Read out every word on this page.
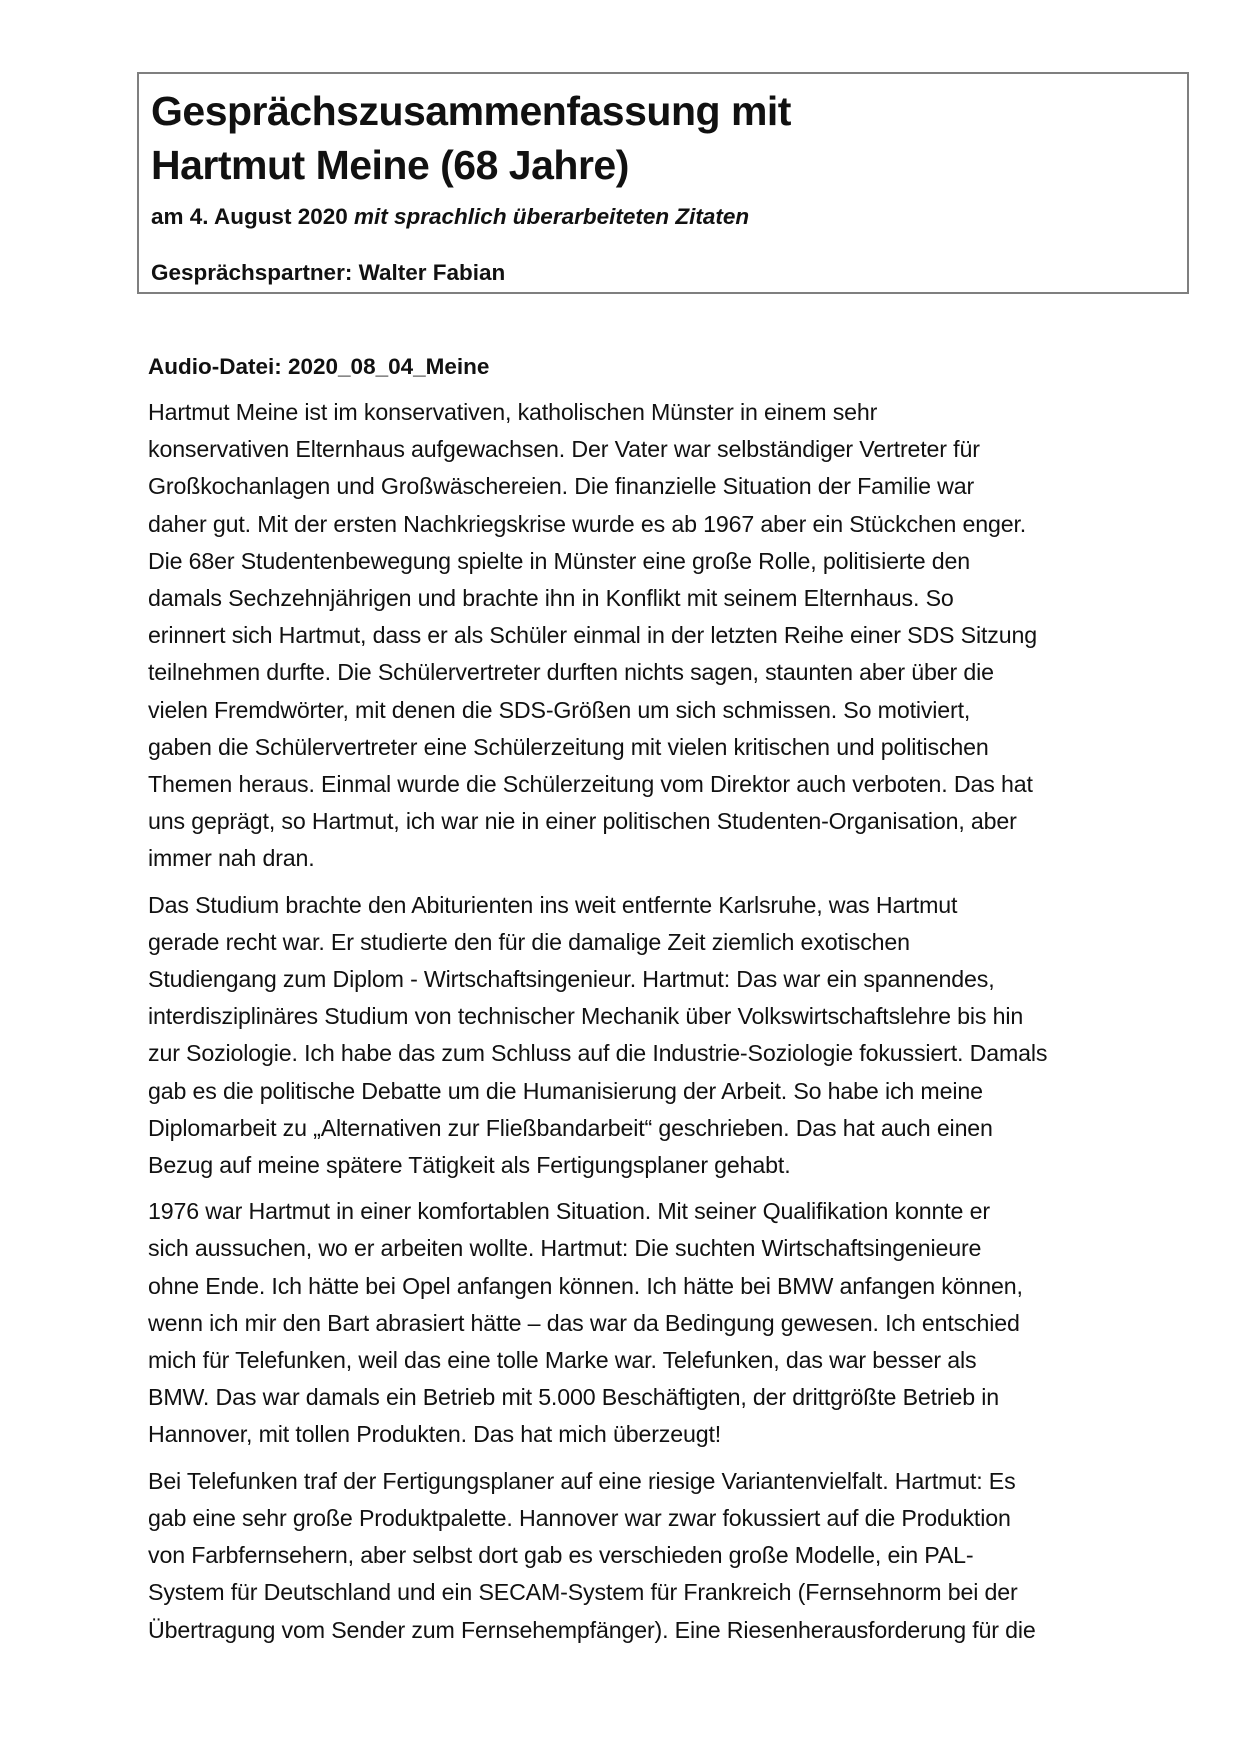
Gesprächszusammenfassung mit
Hartmut Meine (68 Jahre)
am 4. August 2020 mit sprachlich überarbeiteten Zitaten
Gesprächspartner: Walter Fabian

Audio-Datei: 2020_08_04_Meine

Hartmut Meine ist im konservativen, katholischen Münster in einem sehr
konservativen Elternhaus aufgewachsen. Der Vater war selbständiger Vertreter für
Großkochanlagen und Großwäschereien. Die finanzielle Situation der Familie war
daher gut. Mit der ersten Nachkriegskrise wurde es ab 1967 aber ein Stückchen enger.
Die 68er Studentenbewegung spielte in Münster eine große Rolle, politisierte den
damals Sechzehnjährigen und brachte ihn in Konflikt mit seinem Elternhaus. So
erinnert sich Hartmut, dass er als Schüler einmal in der letzten Reihe einer SDS Sitzung
teilnehmen durfte. Die Schülervertreter durften nichts sagen, staunten aber über die
vielen Fremdwörter, mit denen die SDS-Größen um sich schmissen. So motiviert,
gaben die Schülervertreter eine Schülerzeitung mit vielen kritischen und politischen
Themen heraus. Einmal wurde die Schülerzeitung vom Direktor auch verboten. Das hat
uns geprägt, so Hartmut, ich war nie in einer politischen Studenten-Organisation, aber
immer nah dran.

Das Studium brachte den Abiturienten ins weit entfernte Karlsruhe, was Hartmut
gerade recht war. Er studierte den für die damalige Zeit ziemlich exotischen
Studiengang zum Diplom - Wirtschaftsingenieur. Hartmut: Das war ein spannendes,
interdisziplinäres Studium von technischer Mechanik über Volkswirtschaftslehre bis hin
zur Soziologie. Ich habe das zum Schluss auf die Industrie-Soziologie fokussiert. Damals
gab es die politische Debatte um die Humanisierung der Arbeit. So habe ich meine
Diplomarbeit zu „Alternativen zur Fließbandarbeit“ geschrieben. Das hat auch einen
Bezug auf meine spätere Tätigkeit als Fertigungsplaner gehabt.

1976 war Hartmut in einer komfortablen Situation. Mit seiner Qualifikation konnte er
sich aussuchen, wo er arbeiten wollte. Hartmut: Die suchten Wirtschaftsingenieure
ohne Ende. Ich hätte bei Opel anfangen können. Ich hätte bei BMW anfangen können,
wenn ich mir den Bart abrasiert hätte – das war da Bedingung gewesen. Ich entschied
mich für Telefunken, weil das eine tolle Marke war. Telefunken, das war besser als
BMW. Das war damals ein Betrieb mit 5.000 Beschäftigten, der drittgrößte Betrieb in
Hannover, mit tollen Produkten. Das hat mich überzeugt!

Bei Telefunken traf der Fertigungsplaner auf eine riesige Variantenvielfalt. Hartmut: Es
gab eine sehr große Produktpalette. Hannover war zwar fokussiert auf die Produktion
von Farbfernsehern, aber selbst dort gab es verschieden große Modelle, ein PAL-
System für Deutschland und ein SECAM-System für Frankreich (Fernsehnorm bei der
Übertragung vom Sender zum Fernsehempfänger). Eine Riesenherausforderung für die
